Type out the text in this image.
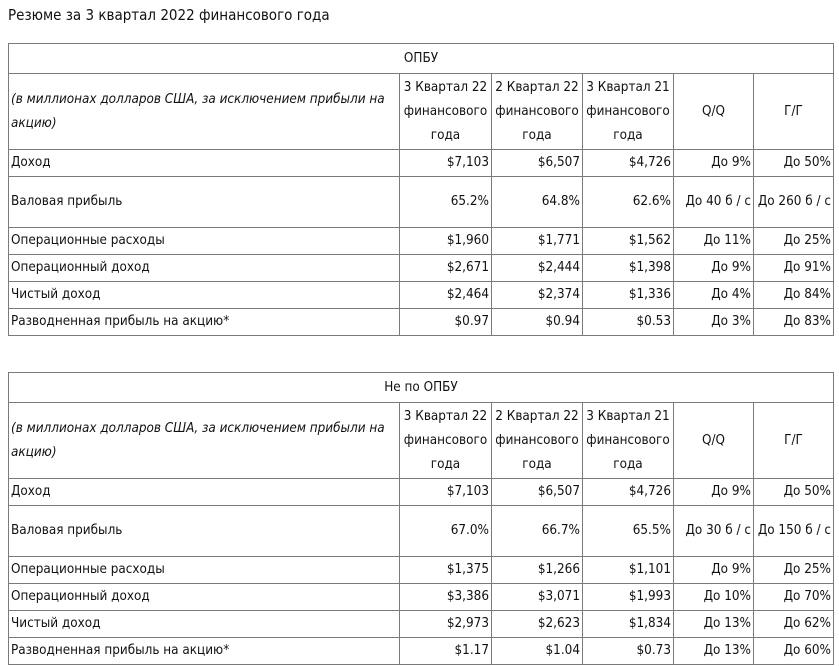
Резюме за 3 квартал 2022 финансового года
ОПБУ					
(в миллионах долларов США, за исключением прибыли на акцию)	3 Квартал 22 финансового года	2 Квартал 22 финансового года	3 Квартал 21 финансового года	Q/Q	Г/Г
Доход	$7,103	$6,507	$4,726	До 9%	До 50%
Валовая прибыль	65.2%	64.8%	62.6%	До 40 б / с	До 260 б / с
Операционные расходы	$1,960	$1,771	$1,562	До 11%	До 25%
Операционный доход	$2,671	$2,444	$1,398	До 9%	До 91%
Чистый доход	$2,464	$2,374	$1,336	До 4%	До 84%
Разводненная прибыль на акцию*	$0.97	$0.94	$0.53	До 3%	До 83%
Не по ОПБУ					
(в миллионах долларов США, за исключением прибыли на акцию)	3 Квартал 22 финансового года	2 Квартал 22 финансового года	3 Квартал 21 финансового года	Q/Q	Г/Г
Доход	$7,103	$6,507	$4,726	До 9%	До 50%
Валовая прибыль	67.0%	66.7%	65.5%	До 30 б / с	До 150 б / с
Операционные расходы	$1,375	$1,266	$1,101	До 9%	До 25%
Операционный доход	$3,386	$3,071	$1,993	До 10%	До 70%
Чистый доход	$2,973	$2,623	$1,834	До 13%	До 62%
Разводненная прибыль на акцию*	$1.17	$1.04	$0.73	До 13%	До 60%
